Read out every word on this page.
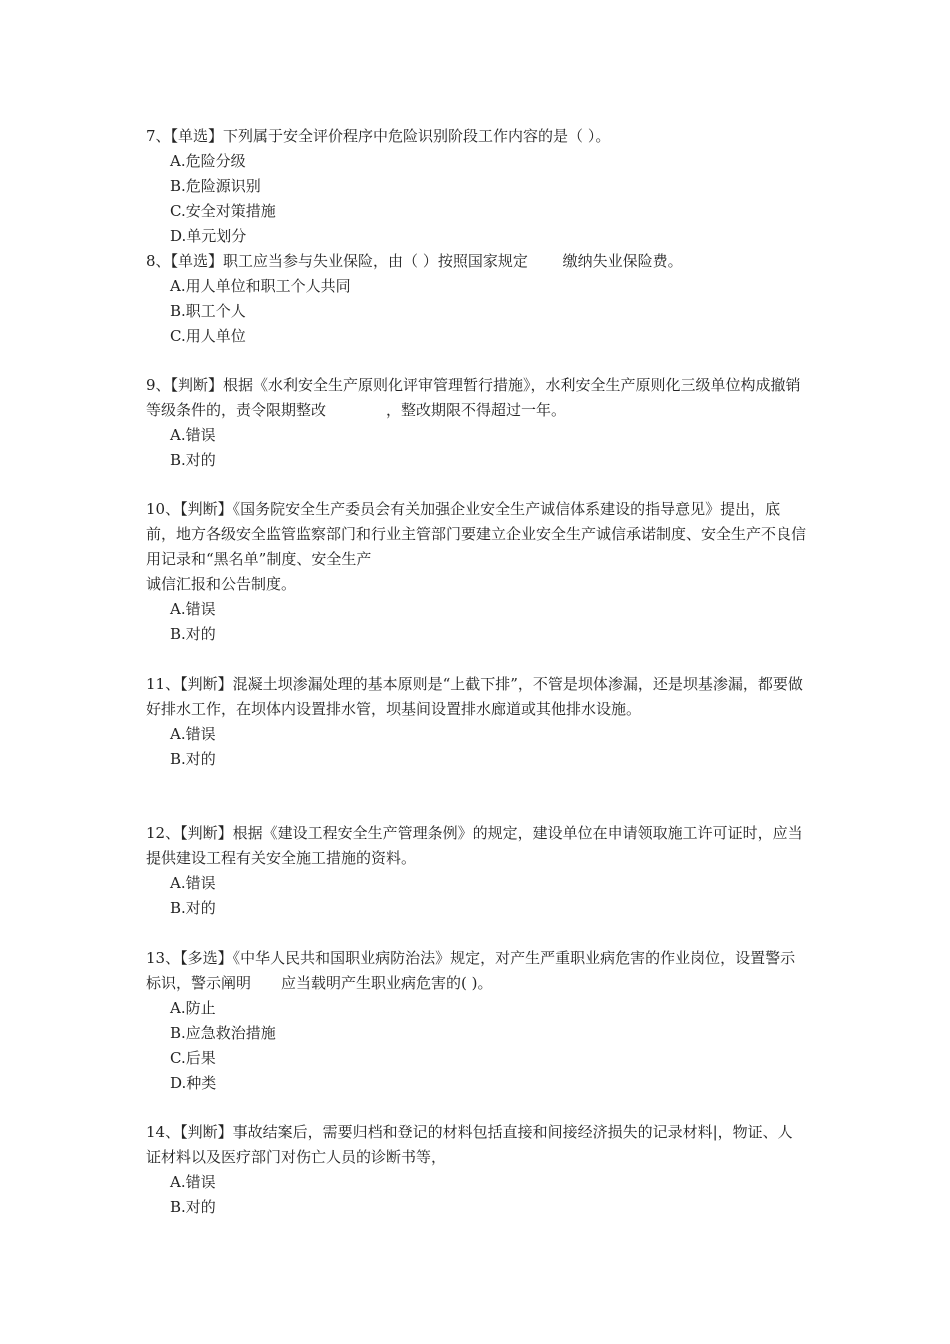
7、【单选】下列属于安全评价程序中危险识别阶段工作内容的是（ ）。

A.危险分级

B.危险源识别

C.安全对策措施

D.单元划分

8、【单选】职工应当参与失业保险，由（ ）按照国家规定　　 缴纳失业保险费。

A.用人单位和职工个人共同

B.职工个人

C.用人单位

9、【判断】根据《水利安全生产原则化评审管理暂行措施》，水利安全生产原则化三级单位构成撤销等级条件的，责令限期整改　　　　，整改期限不得超过一年。

A.错误

B.对的

10、【判断】《国务院安全生产委员会有关加强企业安全生产诚信体系建设的指导意见》提出，底前，地方各级安全监管监察部门和行业主管部门要建立企业安全生产诚信承诺制度、安全生产不良信用记录和“黑名单”制度、安全生产
诚信汇报和公告制度。

A.错误

B.对的

11、【判断】混凝土坝渗漏处理的基本原则是“上截下排”，不管是坝体渗漏，还是坝基渗漏，都要做好排水工作，在坝体内设置排水管，坝基间设置排水廊道或其他排水设施。

A.错误

B.对的

12、【判断】根据《建设工程安全生产管理条例》的规定，建设单位在申请领取施工许可证时，应当提供建设工程有关安全施工措施的资料。

A.错误

B.对的

13、【多选】《中华人民共和国职业病防治法》规定，对产生严重职业病危害的作业岗位，设置警示标识，警示阐明　　应当载明产生职业病危害的( )。

A.防止

B.应急救治措施

C.后果

D.种类

14、【判断】事故结案后，需要归档和登记的材料包括直接和间接经济损失的记录材料|，物证、人证材料以及医疗部门对伤亡人员的诊断书等，

A.错误

B.对的
